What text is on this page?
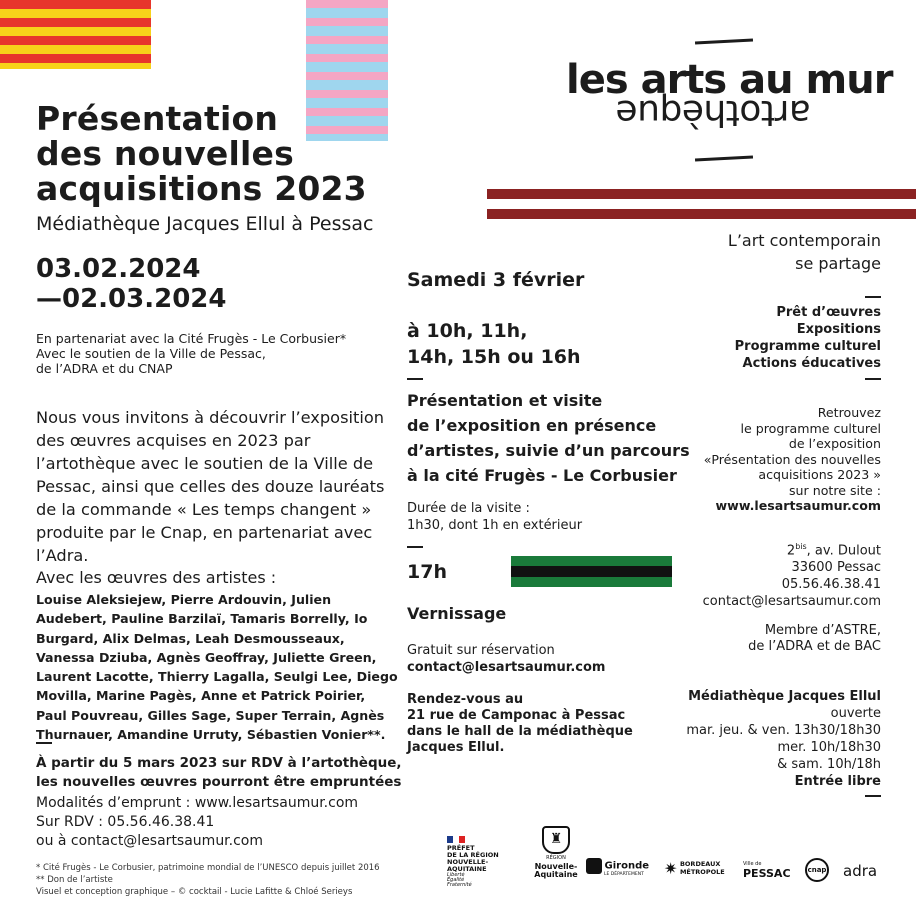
Présentation
des nouvelles
acquisitions 2023
Médiathèque Jacques Ellul à Pessac
03.02.2024
—02.03.2024
En partenariat avec la Cité Frugès - Le Corbusier*
Avec le soutien de la Ville de Pessac,
de l’ADRA et du CNAP
Nous vous invitons à découvrir l’exposition des œuvres acquises en 2023 par l’artothèque avec le soutien de la Ville de Pessac, ainsi que celles des douze lauréats de la commande « Les temps changent » produite par le Cnap, en partenariat avec l’Adra.
Avec les œuvres des artistes :
Louise Aleksiejew, Pierre Ardouvin, Julien Audebert, Pauline Barzilaï, Tamaris Borrelly, Io Burgard, Alix Delmas, Leah Desmousseaux, Vanessa Dziuba, Agnès Geoffray, Juliette Green, Laurent Lacotte, Thierry Lagalla, Seulgi Lee, Diego Movilla, Marine Pagès, Anne et Patrick Poirier, Paul Pouvreau, Gilles Sage, Super Terrain, Agnès Thurnauer, Amandine Urruty, Sébastien Vonier**.
À partir du 5 mars 2023 sur RDV à l’artothèque, les nouvelles œuvres pourront être empruntées
Modalités d’emprunt : www.lesartsaumur.com
Sur RDV : 05.56.46.38.41
ou à contact@lesartsaumur.com
* Cité Frugès - Le Corbusier, patrimoine mondial de l’UNESCO depuis juillet 2016
** Don de l’artiste
Visuel et conception graphique – © cocktail - Lucie Lafitte & Chloé Serieys
les arts au mur
artothèque
L’art contemporain
se partage
Prêt d’œuvres
Expositions
Programme culturel
Actions éducatives
Retrouvez
le programme culturel
de l’exposition
«Présentation des nouvelles
acquisitions 2023 »
sur notre site :
www.lesartsaumur.com
$2^{bis}$, av. Dulout
33600 Pessac
05.56.46.38.41
contact@lesartsaumur.com
Membre d’ASTRE,
de l’ADRA et de BAC
Médiathèque Jacques Ellul
ouverte
mar. jeu. & ven. 13h30/18h30
mer. 10h/18h30
& sam. 10h/18h
Entrée libre
Samedi 3 février
à 10h, 11h,
14h, 15h ou 16h
Présentation et visite
de l’exposition en présence
d’artistes, suivie d’un parcours
à la cité Frugès - Le Corbusier
Durée de la visite :
1h30, dont 1h en extérieur
17h
Vernissage
Gratuit sur réservation
contact@lesartsaumur.com
Rendez-vous au
21 rue de Camponac à Pessac
dans le hall de la médiathèque
Jacques Ellul.
PRÉFET
DE LA RÉGION
NOUVELLE-AQUITAINE
Liberté
Égalité
Fraternité
♜
RÉGION
Nouvelle-
Aquitaine
Gironde
LE DÉPARTEMENT	✷ BORDEAUX
MÉTROPOLE
Ville de
PESSAC	cnap adra
